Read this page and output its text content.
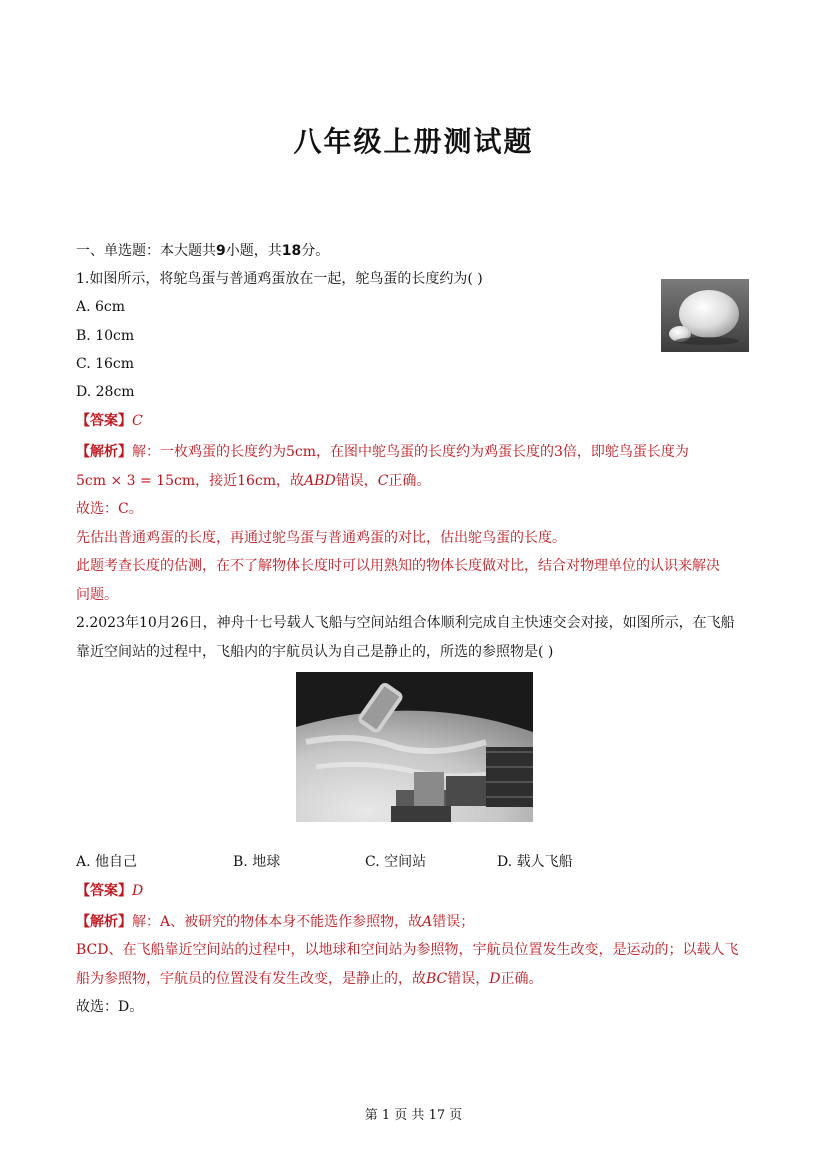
八年级上册测试题
一、单选题：本大题共9小题，共18分。
1.如图所示，将鸵鸟蛋与普通鸡蛋放在一起，鸵鸟蛋的长度约为( )
A. 6cm
B. 10cm
C. 16cm
D. 28cm
【答案】C
【解析】解：一枚鸡蛋的长度约为5cm，在图中鸵鸟蛋的长度约为鸡蛋长度的3倍，即鸵鸟蛋长度为
5cm × 3 = 15cm，接近16cm，故ABD错误，C正确。
故选：C。
先估出普通鸡蛋的长度，再通过鸵鸟蛋与普通鸡蛋的对比，估出鸵鸟蛋的长度。
此题考查长度的估测，在不了解物体长度时可以用熟知的物体长度做对比，结合对物理单位的认识来解决
问题。
2.2023年10月26日，神舟十七号载人飞船与空间站组合体顺利完成自主快速交会对接，如图所示，在飞船
靠近空间站的过程中，飞船内的宇航员认为自己是静止的，所选的参照物是( )
A. 他自己	B. 地球	C. 空间站	D. 载人飞船
【答案】D
【解析】解：A、被研究的物体本身不能选作参照物，故A错误；
BCD、在飞船靠近空间站的过程中，以地球和空间站为参照物，宇航员位置发生改变，是运动的；以载人飞
船为参照物，宇航员的位置没有发生改变，是静止的，故BC错误，D正确。
故选：D。
第 1 页 共 17 页
